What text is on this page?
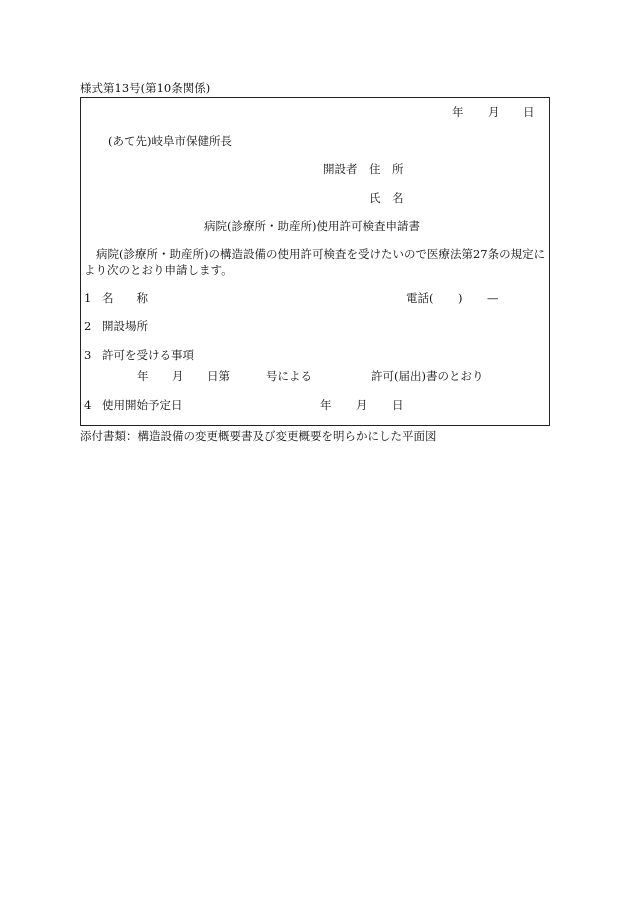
様式第13号(第10条関係)
年 月 日
(あて先)岐阜市保健所長
開設者 住　所
氏　名
病院(診療所・助産所)使用許可検査申請書
病院(診療所・助産所)の構造設備の使用許可検査を受けたいので医療法第27条の規定に
より次のとおり申請します。
1 名　　称	電話( ) —
2 開設場所
3 許可を受ける事項
年 月 日第	号による	許可(届出)書のとおり
4 使用開始予定日	年 月 日
添付書類：構造設備の変更概要書及び変更概要を明らかにした平面図
